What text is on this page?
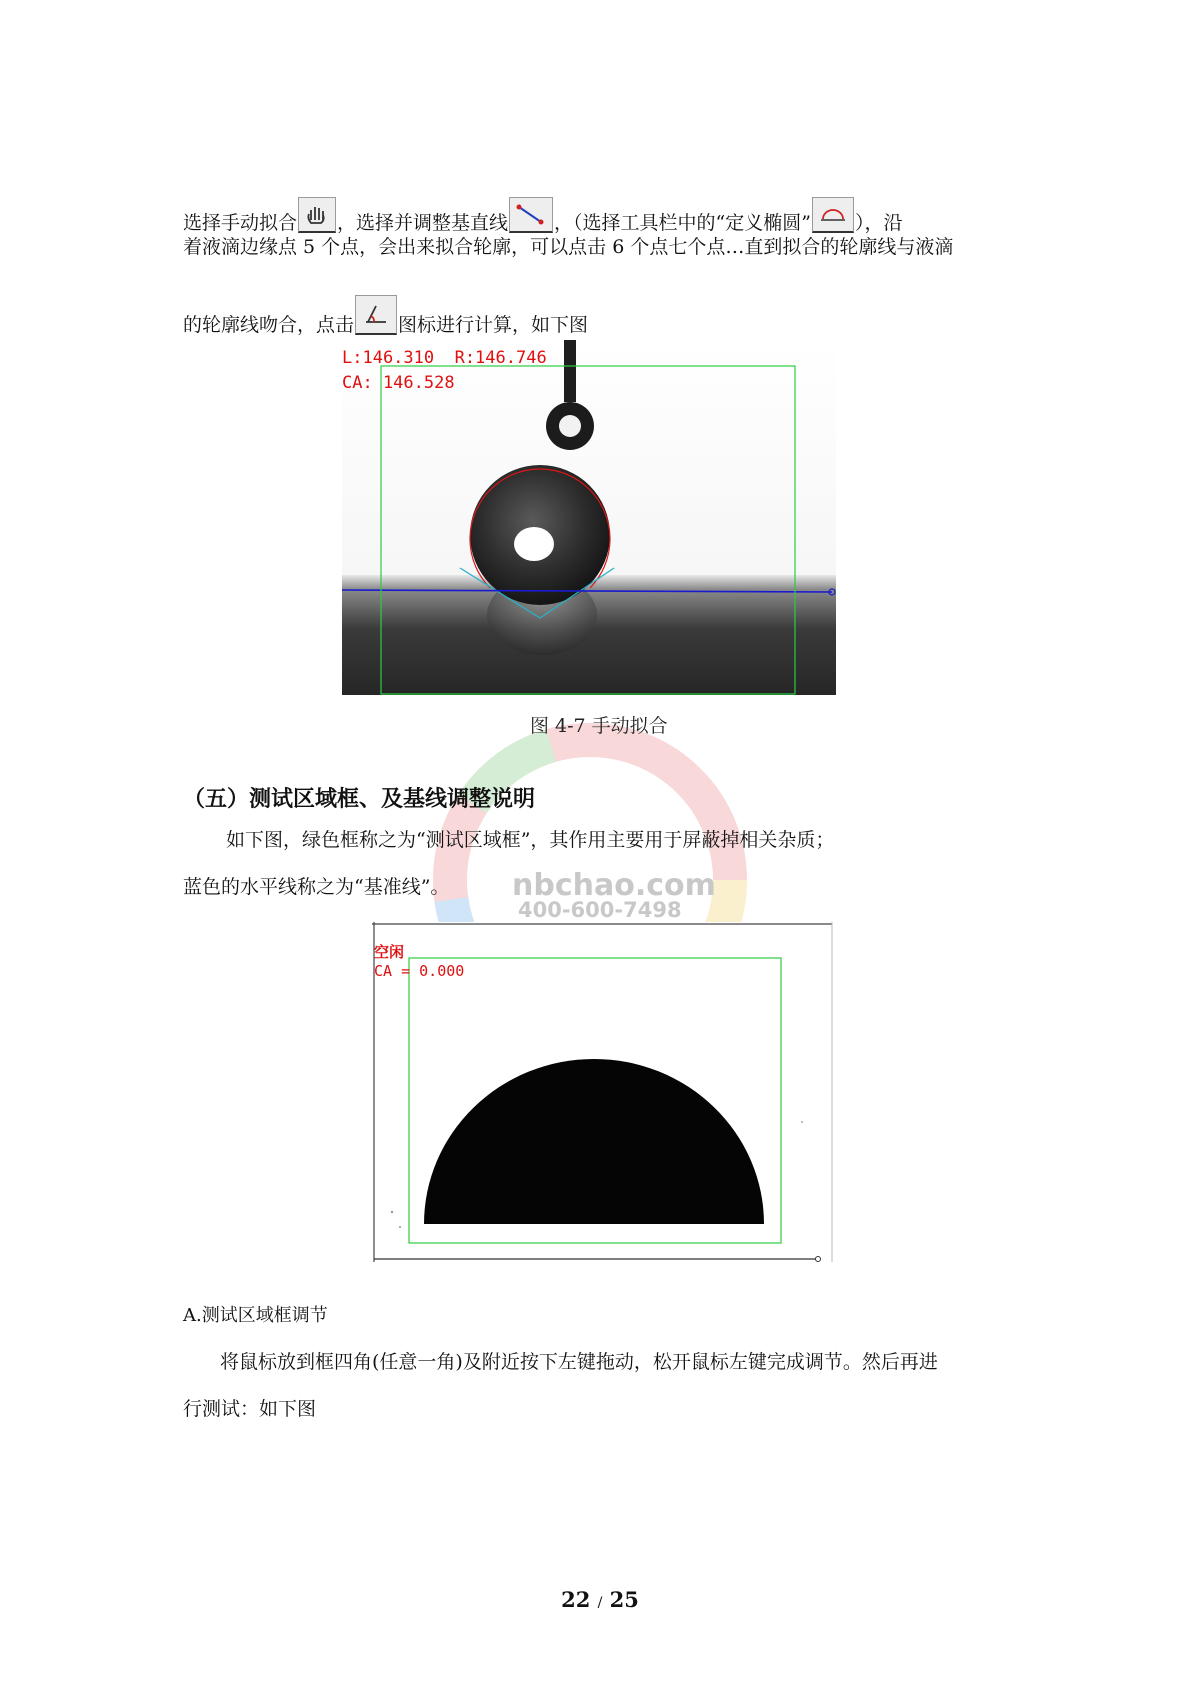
nbchao.com
400-600-7498
选择手动拟合 ，选择并调整基直线 ，（选择工具栏中的“定义椭圆” ），沿
着液滴边缘点 5 个点，会出来拟合轮廓，可以点击 6 个点七个点…直到拟合的轮廓线与液滴
的轮廓线吻合，点击 图标进行计算，如下图
L:146.310  R:146.746
CA: 146.528
图 4-7 手动拟合
（五）测试区域框、及基线调整说明
如下图，绿色框称之为“测试区域框”，其作用主要用于屏蔽掉相关杂质；
蓝色的水平线称之为“基准线”。
空闲
CA = 0.000
A.测试区域框调节
将鼠标放到框四角(任意一角)及附近按下左键拖动，松开鼠标左键完成调节。然后再进
行测试：如下图
22 / 25
